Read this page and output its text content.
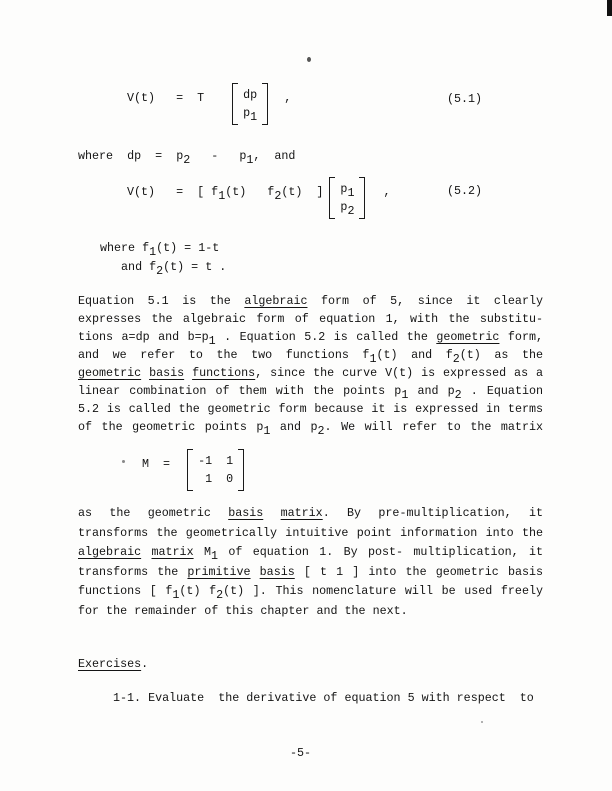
V(t)   =  T	dp
p1
,	(5.1)
where  dp  =  p2   -   p1,  and
V(t)   =  [ f1(t)   f2(t)  ] p1
p2
,	(5.2)
where f1(t) = 1-t
and f2(t) = t .
Equation 5.1 is the algebraic form of 5, since it clearly
expresses the algebraic form of equation 1, with the substitu-
tions a=dp and b=p1 . Equation 5.2 is called the geometric form,
and we refer to the two functions f1(t) and f2(t) as the
geometric basis functions, since the curve V(t) is expressed as a
linear combination of them with the points p1 and p2 . Equation
5.2 is called the geometric form because it is expressed in terms
of the geometric points p1 and p2. We will refer to the matrix
M  = -1  1
1  0
as the geometric basis matrix. By pre-multiplication, it
transforms the geometrically intuitive point information into the
algebraic matrix M1 of equation 1. By post- multiplication, it
transforms the primitive basis [ t 1 ] into the geometric basis
functions [ f1(t) f2(t) ]. This nomenclature will be used freely
for the remainder of this chapter and the next.
Exercises.
1-1. Evaluate  the derivative of equation 5 with respect  to
-5-
